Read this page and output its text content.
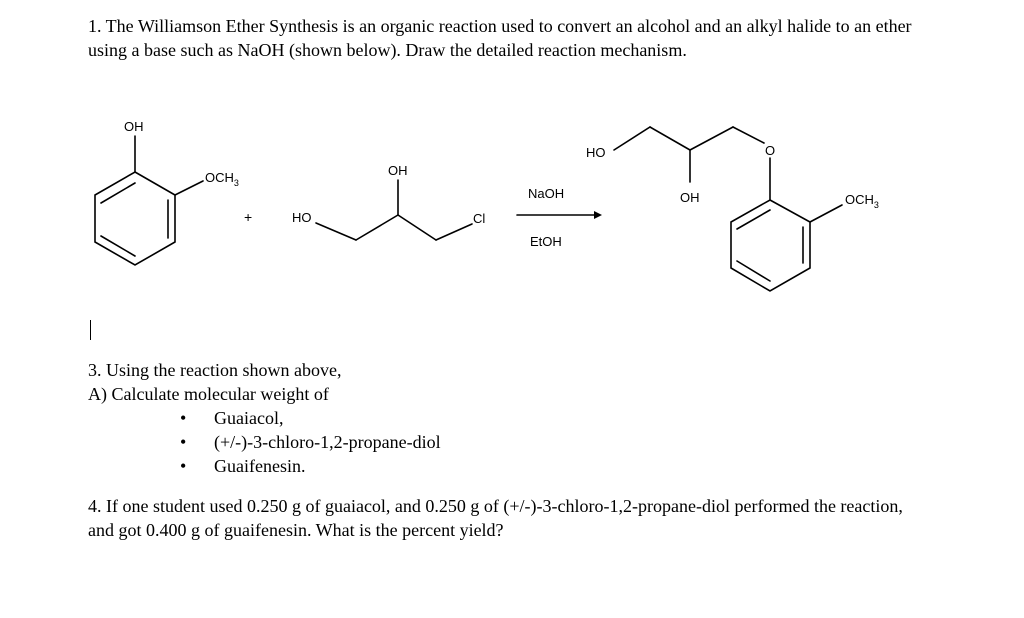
1. The Williamson Ether Synthesis is an organic reaction used to convert an alcohol and an alkyl halide to an ether using a base such as NaOH (shown below). Draw the detailed reaction mechanism.
OH
$OCH_3$
+	HO
OH
Cl
NaOH
EtOH
HO	O
OH	$OCH_3$
3. Using the reaction shown above,
A) Calculate molecular weight of
• Guaiacol,
• (+/-)-3-chloro-1,2-propane-diol
• Guaifenesin.
4. If one student used 0.250 g of guaiacol, and 0.250 g of (+/-)-3-chloro-1,2-propane-diol performed the reaction, and got 0.400 g of guaifenesin. What is the percent yield?
